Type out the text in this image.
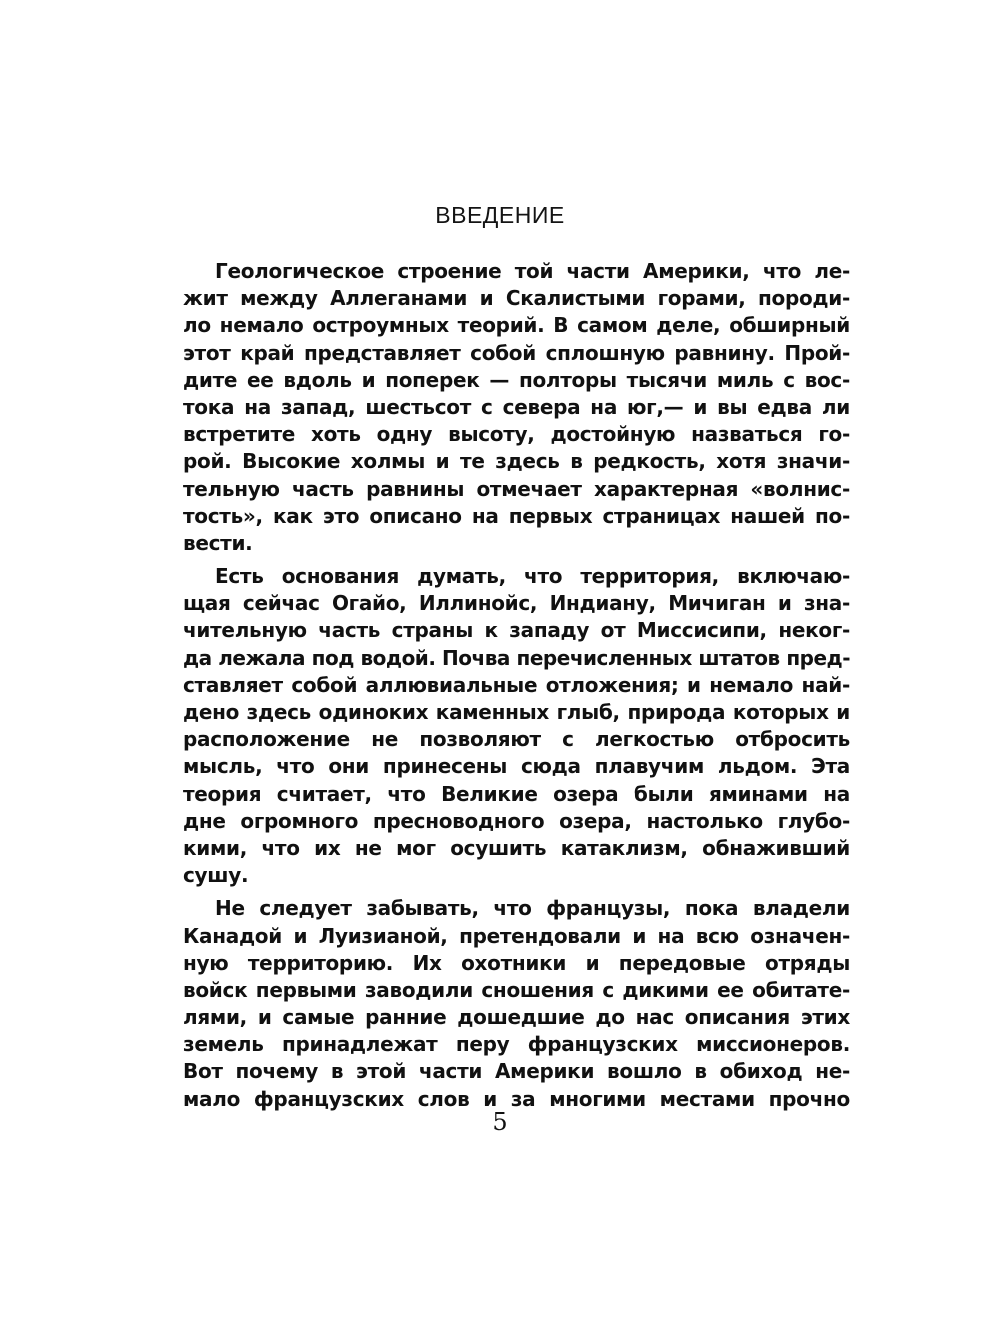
ВВЕДЕНИЕ
Геологическое строение той части Америки, что ле-
жит между Аллеганами и Скалистыми горами, породи-
ло немало остроумных теорий. В самом деле, обширный
этот край представляет собой сплошную равнину. Прой-
дите ее вдоль и поперек — полторы тысячи миль с вос-
тока на запад, шестьсот с севера на юг,— и вы едва ли
встретите хоть одну высоту, достойную назваться го-
рой. Высокие холмы и те здесь в редкость, хотя значи-
тельную часть равнины отмечает характерная «волнис-
тость», как это описано на первых страницах нашей по-
вести.
Есть основания думать, что территория, включаю-
щая сейчас Огайо, Иллинойс, Индиану, Мичиган и зна-
чительную часть страны к западу от Миссисипи, неког-
да лежала под водой. Почва перечисленных штатов пред-
ставляет собой аллювиальные отложения; и немало най-
дено здесь одиноких каменных глыб, природа которых и
расположение не позволяют с легкостью отбросить
мысль, что они принесены сюда плавучим льдом. Эта
теория считает, что Великие озера были яминами на
дне огромного пресноводного озера, настолько глубо-
кими, что их не мог осушить катаклизм, обнаживший
сушу.
Не следует забывать, что французы, пока владели
Канадой и Луизианой, претендовали и на всю означен-
ную территорию. Их охотники и передовые отряды
войск первыми заводили сношения с дикими ее обитате-
лями, и самые ранние дошедшие до нас описания этих
земель принадлежат перу французских миссионеров.
Вот почему в этой части Америки вошло в обиход не-
мало французских слов и за многими местами прочно
5
